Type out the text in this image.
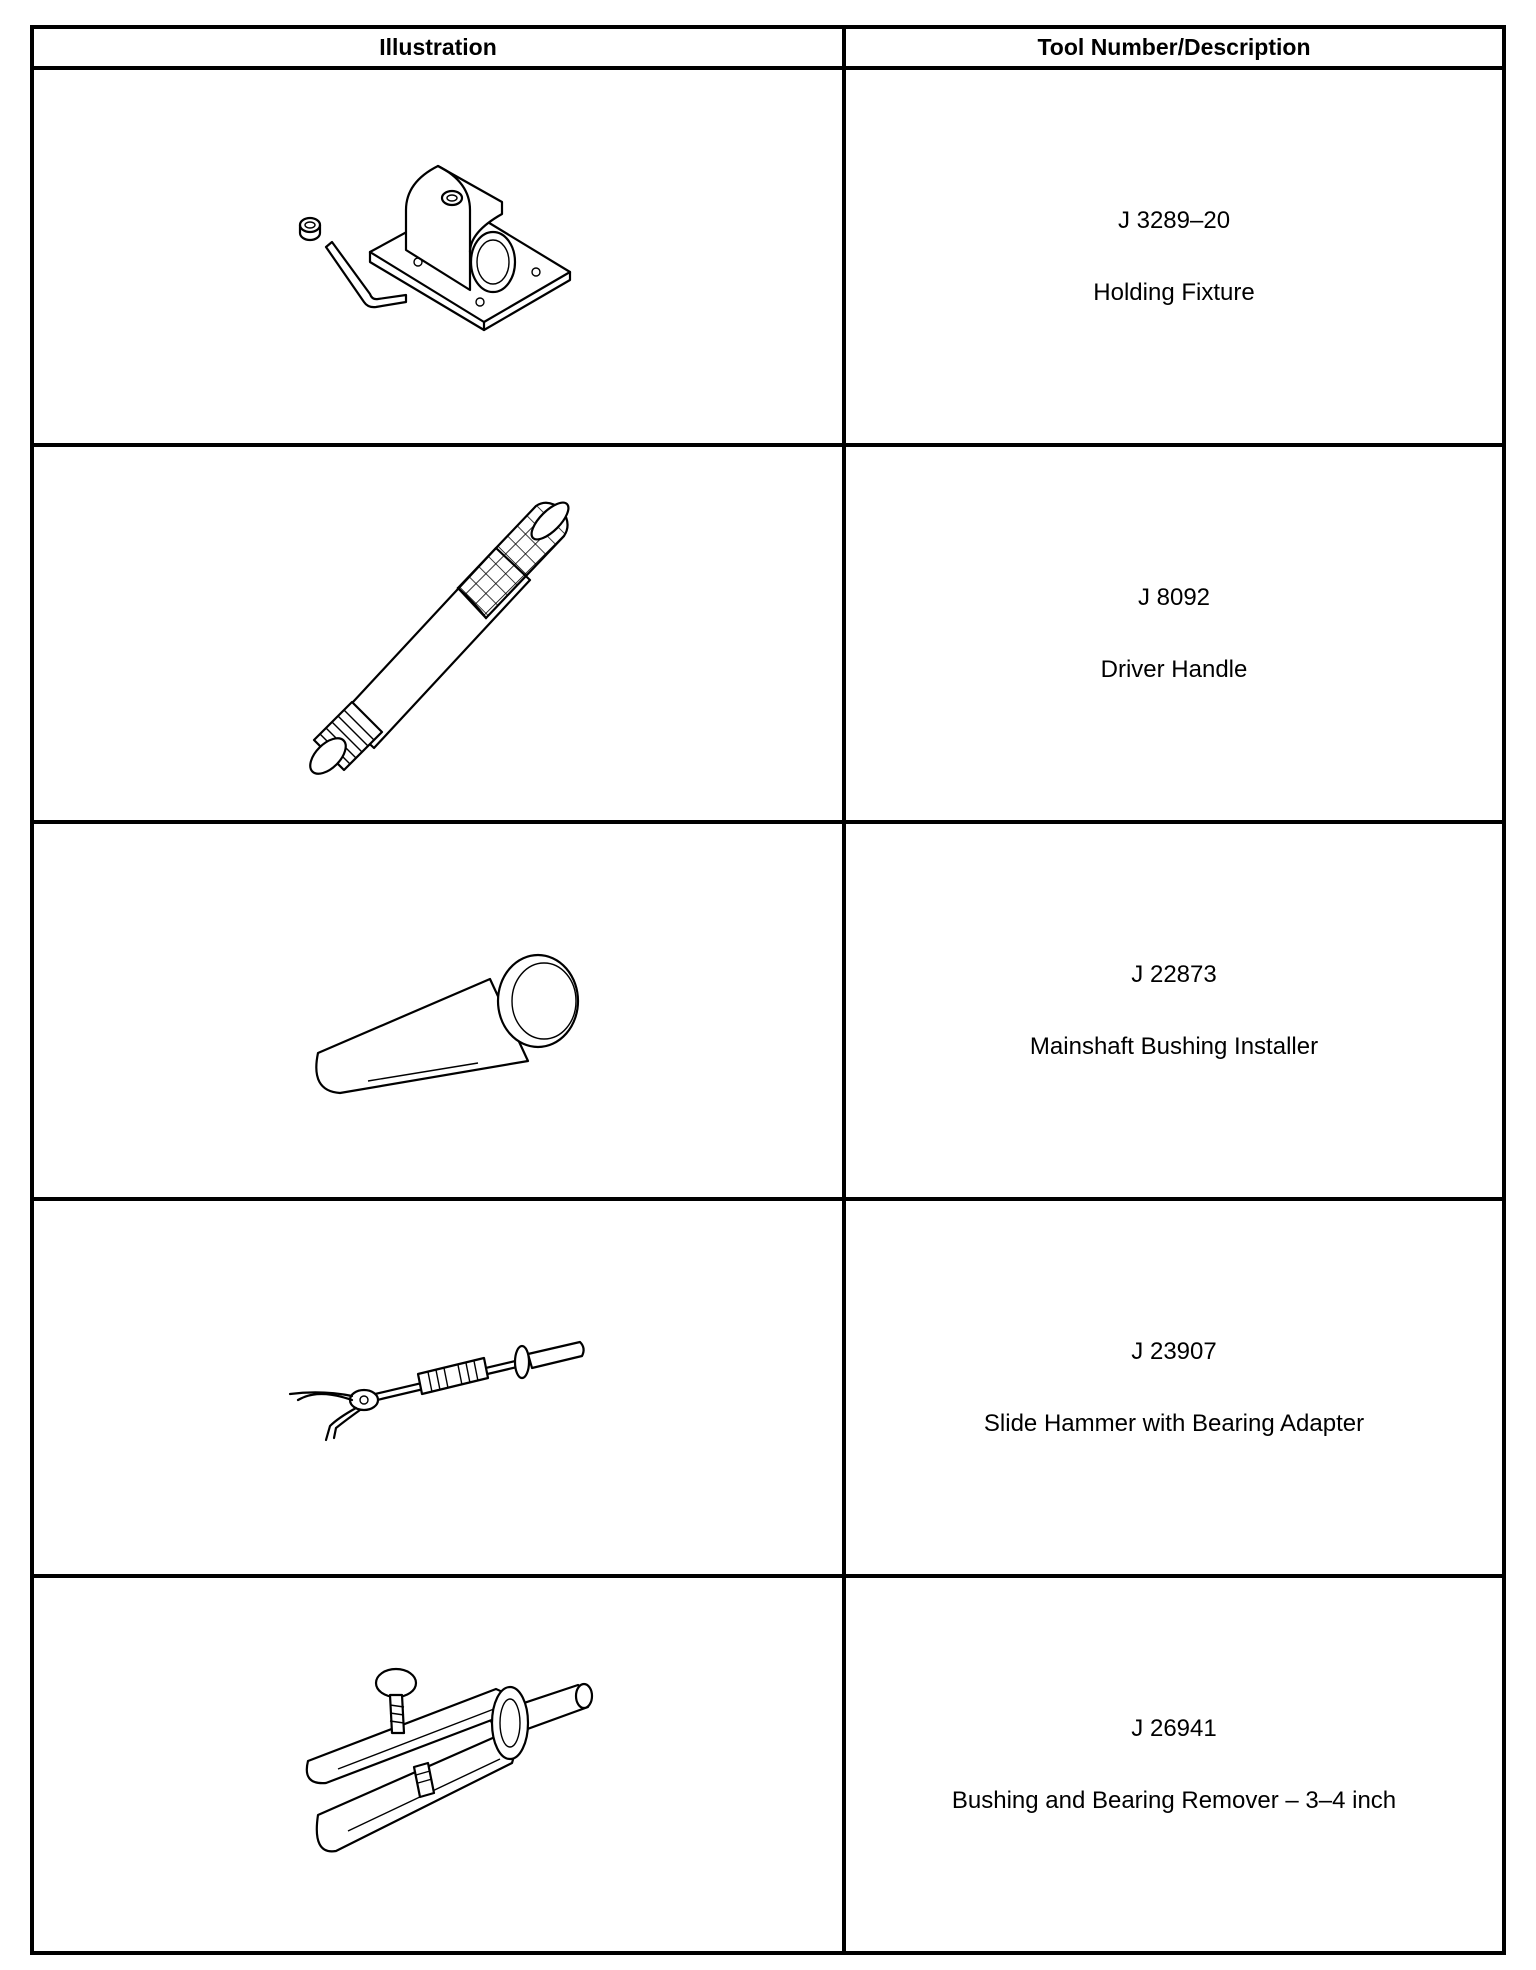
Illustration	Tool Number/Description

J 3289–20
Holding Fixture

J 8092
Driver Handle

J 22873
Mainshaft Bushing Installer

J 23907
Slide Hammer with Bearing Adapter

J 26941
Bushing and Bearing Remover – 3–4 inch
